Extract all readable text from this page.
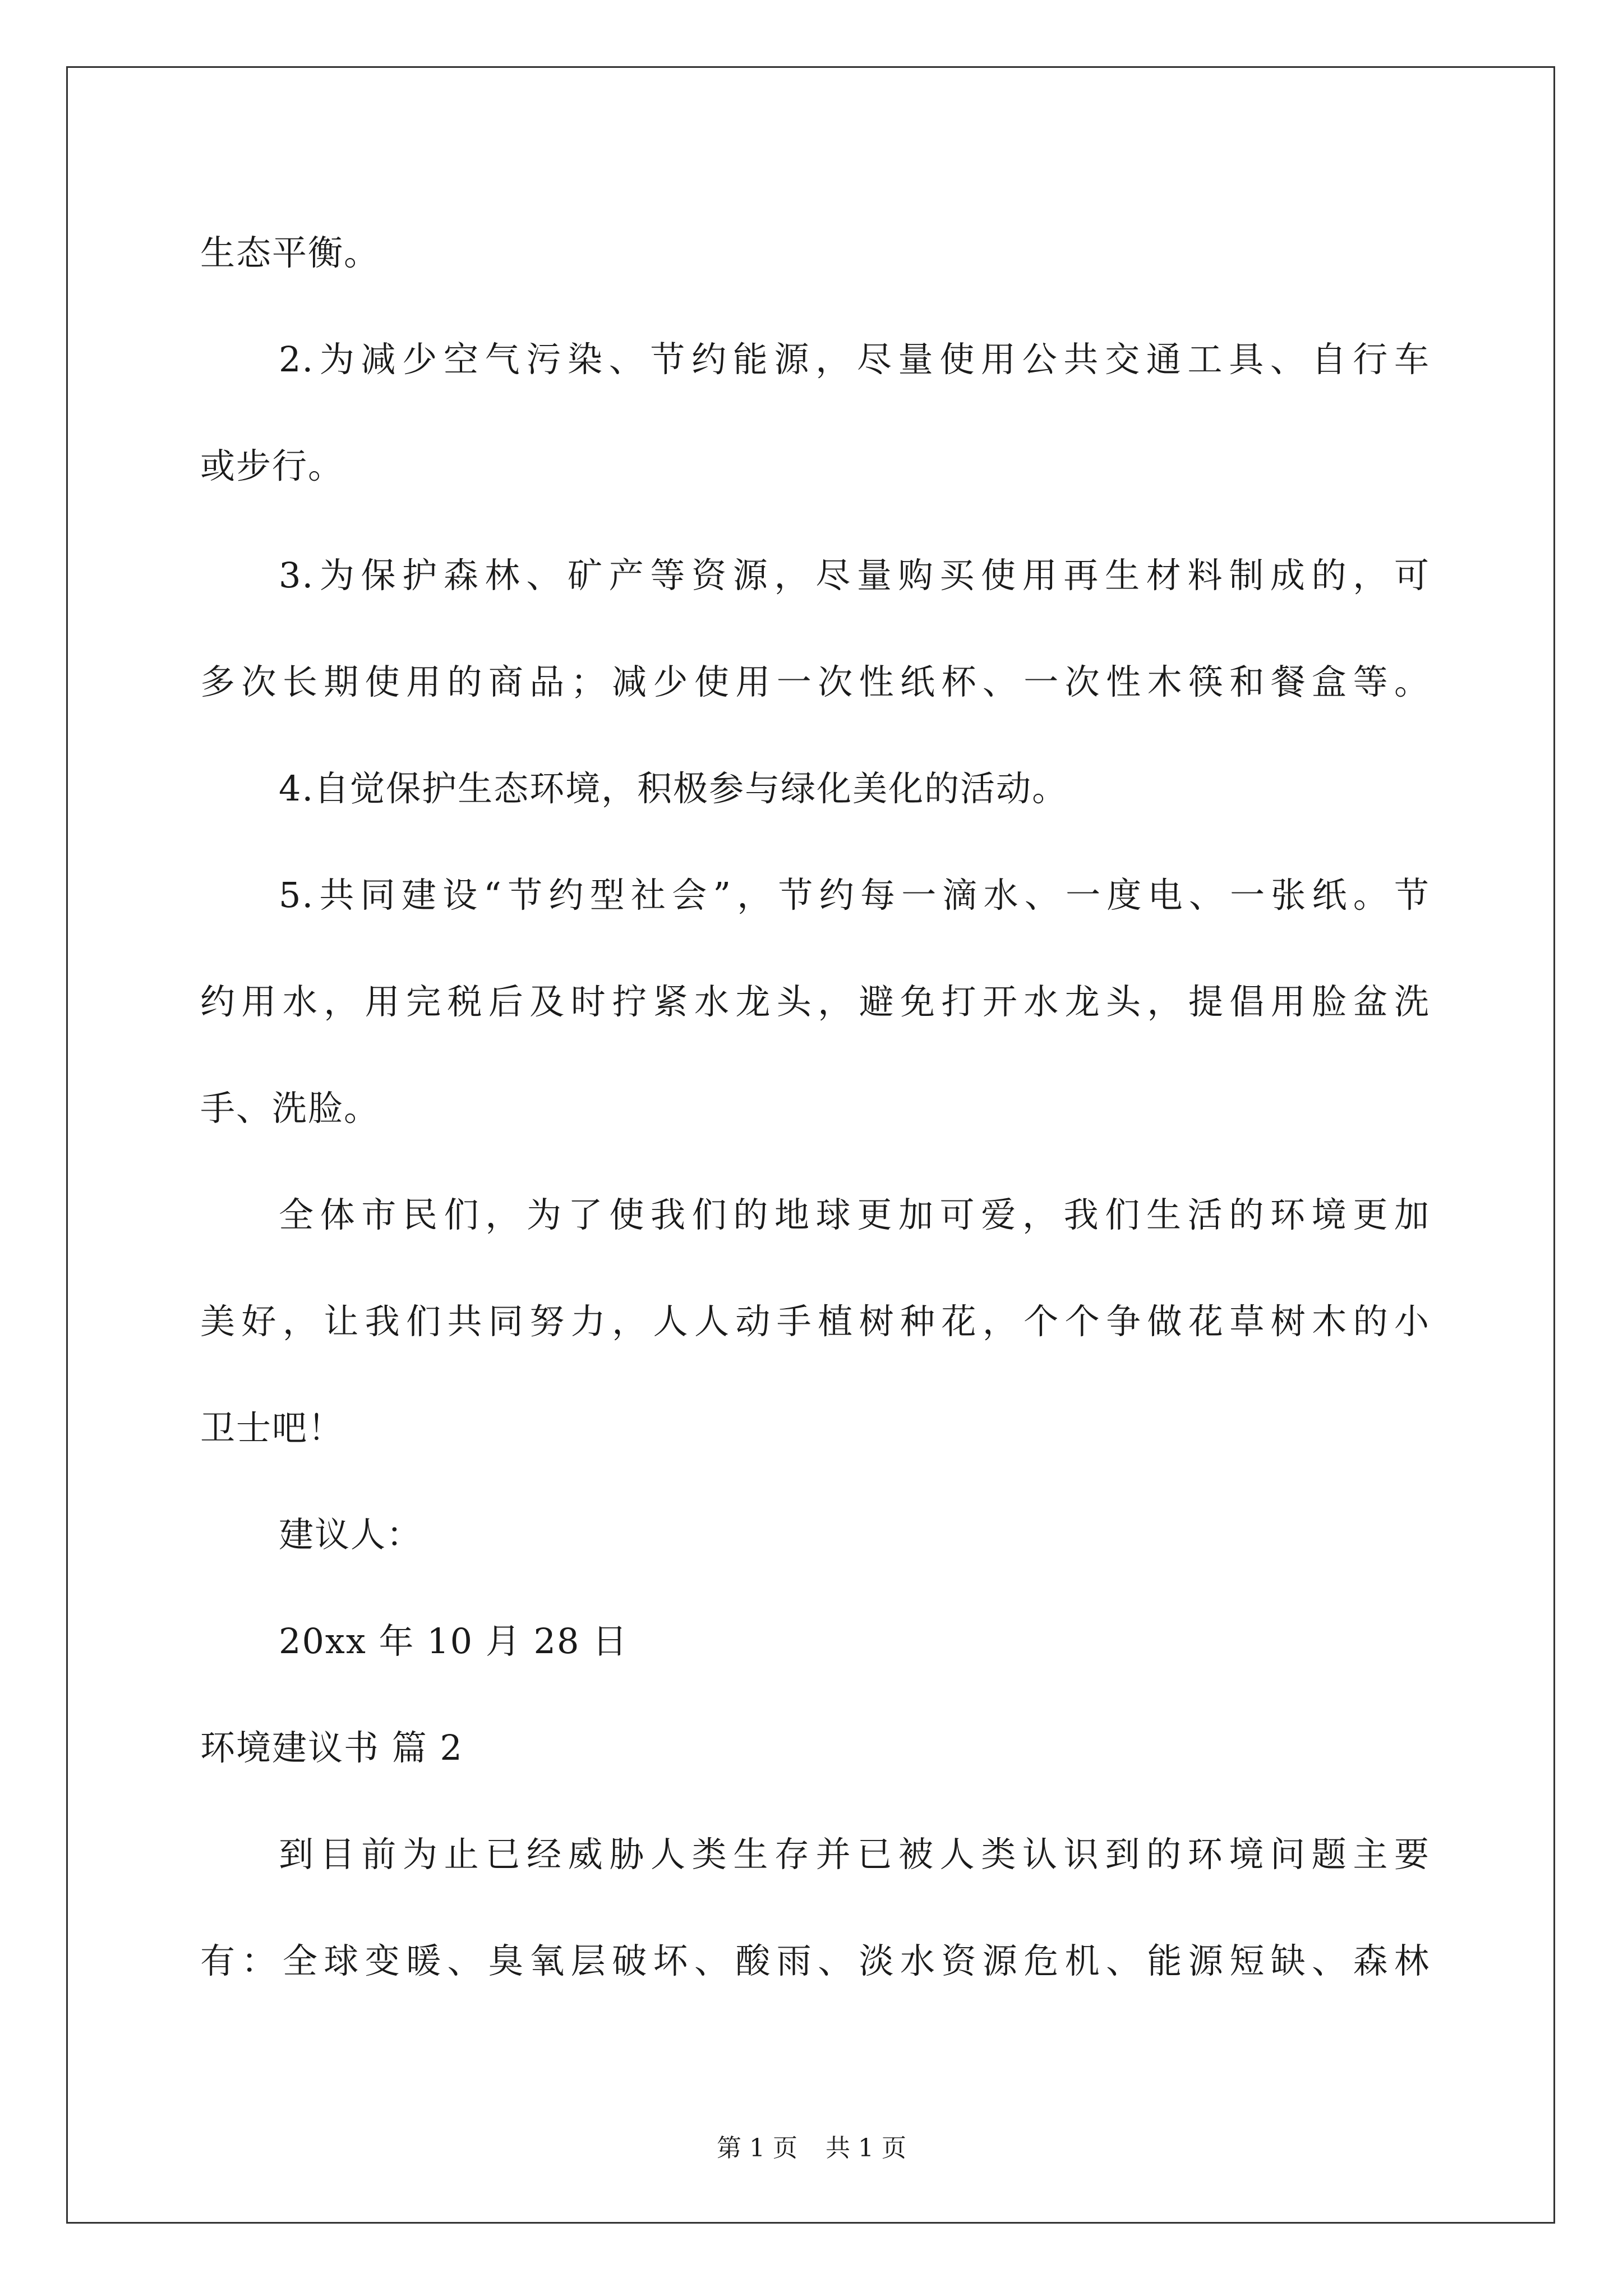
生态平衡。
2.为减少空气污染、节约能源，尽量使用公共交通工具、自行车
或步行。
3.为保护森林、矿产等资源，尽量购买使用再生材料制成的，可
多次长期使用的商品；减少使用一次性纸杯、一次性木筷和餐盒等。
4.自觉保护生态环境，积极参与绿化美化的活动。
5.共同建设“节约型社会”，节约每一滴水、一度电、一张纸。节
约用水，用完税后及时拧紧水龙头，避免打开水龙头，提倡用脸盆洗
手、洗脸。
全体市民们，为了使我们的地球更加可爱，我们生活的环境更加
美好，让我们共同努力，人人动手植树种花，个个争做花草树木的小
卫士吧！
建议人：
20xx 年 10 月 28 日
环境建议书 篇 2
到目前为止已经威胁人类生存并已被人类认识到的环境问题主要
有：全球变暖、臭氧层破坏、酸雨、淡水资源危机、能源短缺、森林
第 1 页 共 1 页
